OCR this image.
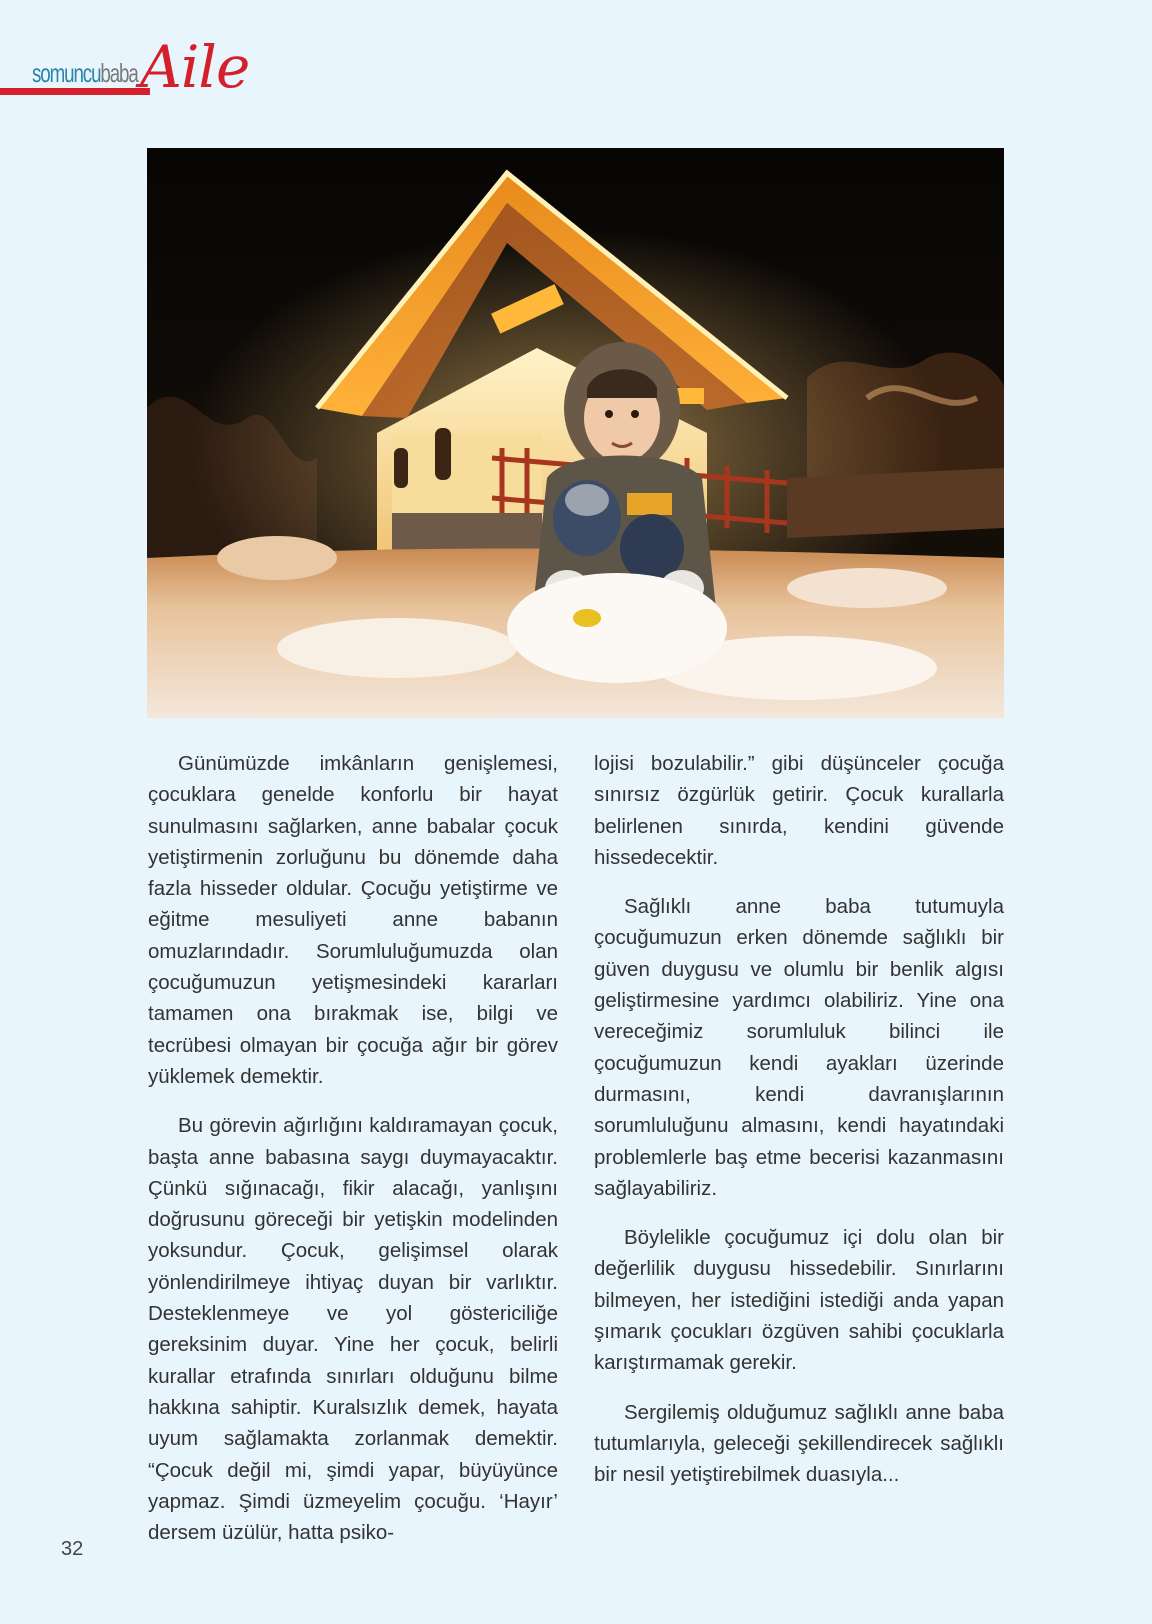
somuncubaba Aile

Günümüzde imkânların genişlemesi, çocuklara genelde konforlu bir hayat sunulmasını sağlarken, anne babalar çocuk yetiştirmenin zorluğunu bu dönemde daha fazla hisseder oldular. Çocuğu yetiştirme ve eğitme mesuliyeti anne babanın omuzlarındadır. Sorumluluğumuzda olan çocuğumuzun yetişmesindeki kararları tamamen ona bırakmak ise, bilgi ve tecrübesi olmayan bir çocuğa ağır bir görev yüklemek demektir.

Bu görevin ağırlığını kaldıramayan çocuk, başta anne babasına saygı duymayacaktır. Çünkü sığınacağı, fikir alacağı, yanlışını doğrusunu göreceği bir yetişkin modelinden yoksundur. Çocuk, gelişimsel olarak yönlendirilmeye ihtiyaç duyan bir varlıktır. Desteklenmeye ve yol göstericiliğe gereksinim duyar. Yine her çocuk, belirli kurallar etrafında sınırları olduğunu bilme hakkına sahiptir. Kuralsızlık demek, hayata uyum sağlamakta zorlanmak demektir. “Çocuk değil mi, şimdi yapar, büyüyünce yapmaz. Şimdi üzmeyelim çocuğu. ‘Hayır’ dersem üzülür, hatta psiko-

lojisi bozulabilir.” gibi düşünceler çocuğa sınırsız özgürlük getirir. Çocuk kurallarla belirlenen sınırda, kendini güvende hissedecektir.

Sağlıklı anne baba tutumuyla çocuğumuzun erken dönemde sağlıklı bir güven duygusu ve olumlu bir benlik algısı geliştirmesine yardımcı olabiliriz. Yine ona vereceğimiz sorumluluk bilinci ile çocuğumuzun kendi ayakları üzerinde durmasını, kendi davranışlarının sorumluluğunu almasını, kendi hayatındaki problemlerle baş etme becerisi kazanmasını sağlayabiliriz.

Böylelikle çocuğumuz içi dolu olan bir değerlilik duygusu hissedebilir. Sınırlarını bilmeyen, her istediğini istediği anda yapan şımarık çocukları özgüven sahibi çocuklarla karıştırmamak gerekir.

Sergilemiş olduğumuz sağlıklı anne baba tutumlarıyla, geleceği şekillendirecek sağlıklı bir nesil yetiştirebilmek duasıyla...

32
